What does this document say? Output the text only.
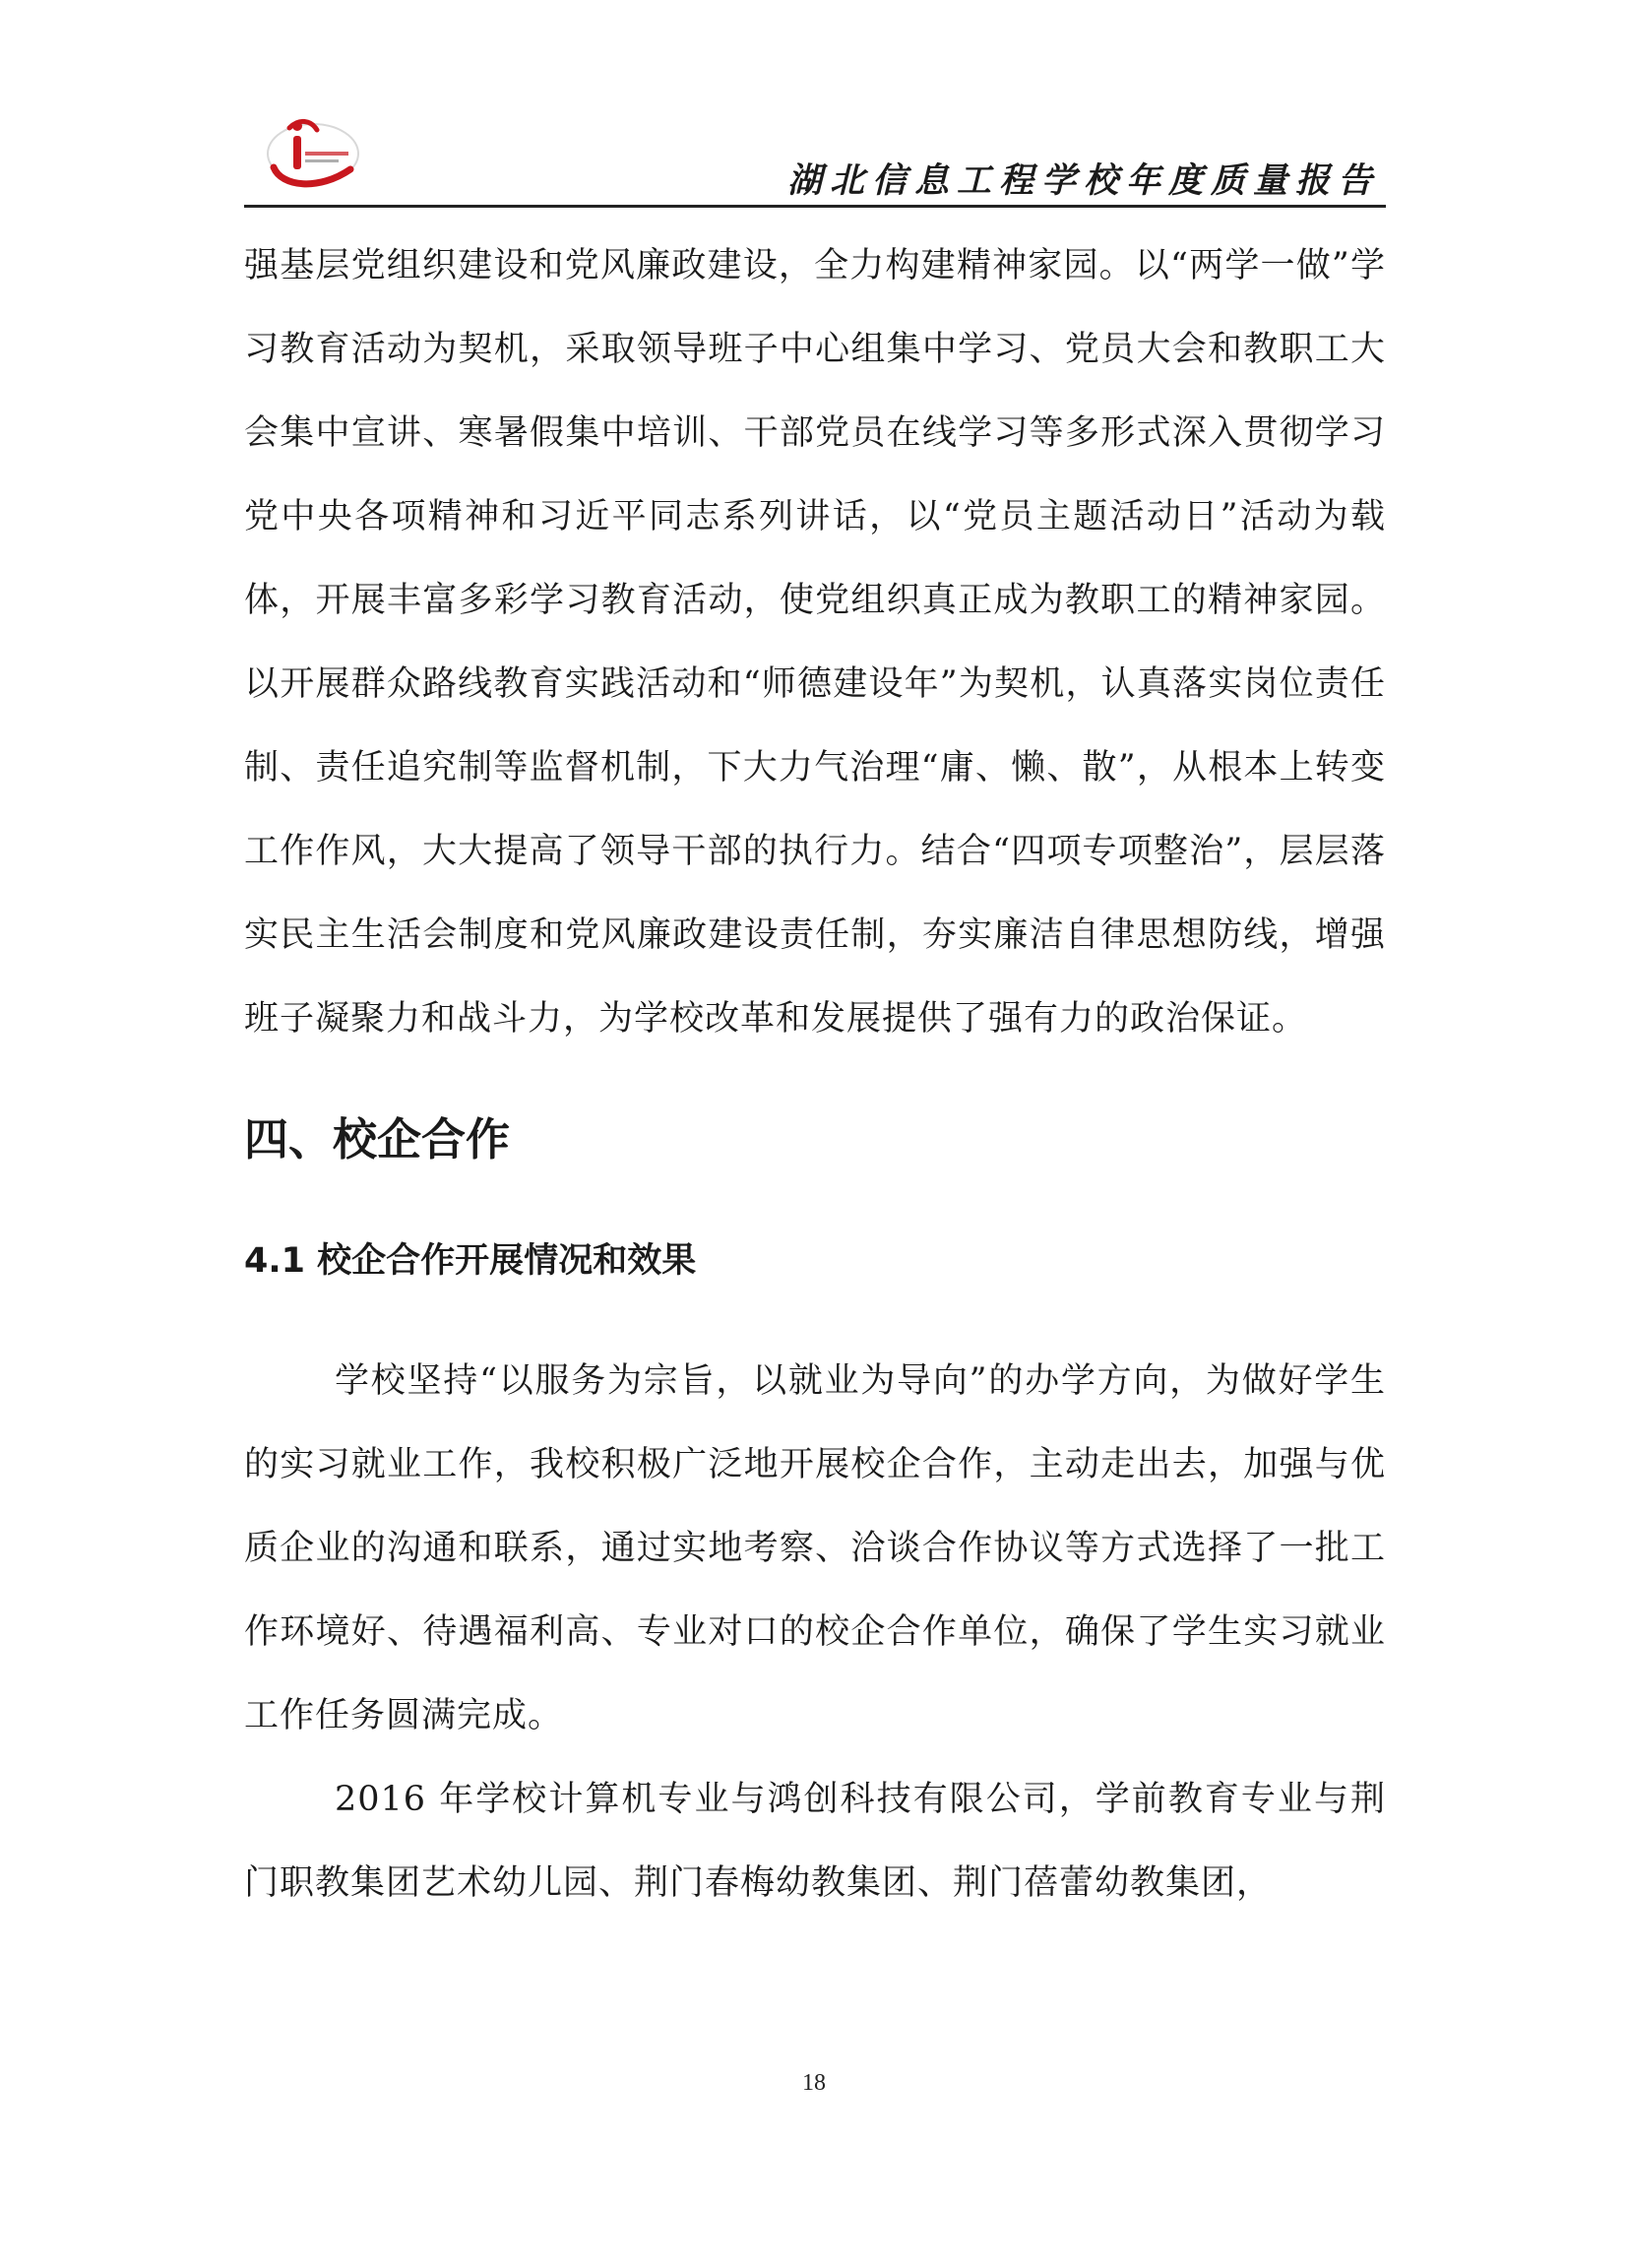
湖北信息工程学校年度质量报告

强基层党组织建设和党风廉政建设，全力构建精神家园。以“两学一做”学习教育活动为契机，采取领导班子中心组集中学习、党员大会和教职工大会集中宣讲、寒暑假集中培训、干部党员在线学习等多形式深入贯彻学习党中央各项精神和习近平同志系列讲话，以“党员主题活动日”活动为载体，开展丰富多彩学习教育活动，使党组织真正成为教职工的精神家园。以开展群众路线教育实践活动和“师德建设年”为契机，认真落实岗位责任制、责任追究制等监督机制，下大力气治理“庸、懒、散”，从根本上转变工作作风，大大提高了领导干部的执行力。结合“四项专项整治”，层层落实民主生活会制度和党风廉政建设责任制，夯实廉洁自律思想防线，增强班子凝聚力和战斗力，为学校改革和发展提供了强有力的政治保证。

四、校企合作
4.1 校企合作开展情况和效果

学校坚持“以服务为宗旨，以就业为导向”的办学方向，为做好学生的实习就业工作，我校积极广泛地开展校企合作，主动走出去，加强与优质企业的沟通和联系，通过实地考察、洽谈合作协议等方式选择了一批工作环境好、待遇福利高、专业对口的校企合作单位，确保了学生实习就业工作任务圆满完成。

2016 年学校计算机专业与鸿创科技有限公司，学前教育专业与荆门职教集团艺术幼儿园、荆门春梅幼教集团、荆门蓓蕾幼教集团，

18
